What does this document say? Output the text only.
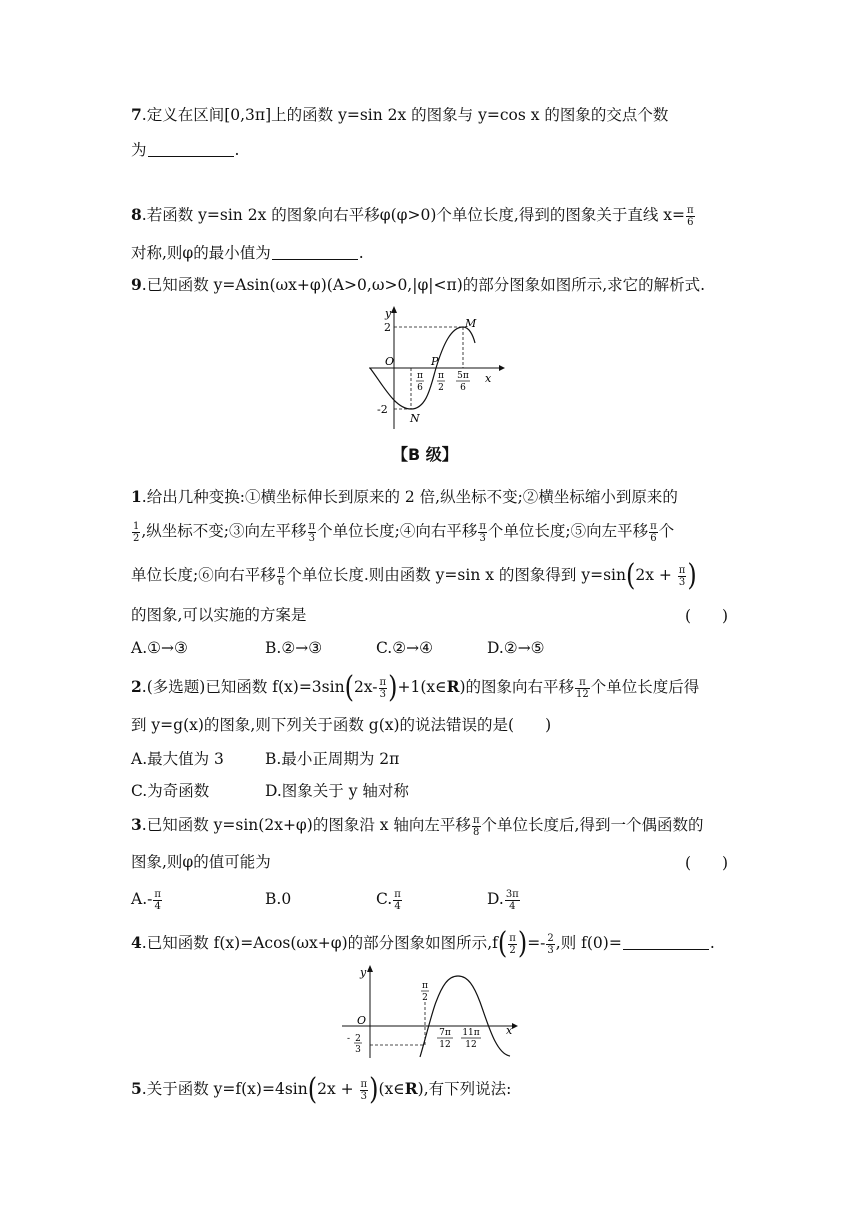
7.定义在区间[0,3π]上的函数 y=sin 2x 的图象与 y=cos x 的图象的交点个数
为	.
8.若函数 y=sin 2x 的图象向右平移φ(φ>0)个单位长度,得到的图象关于直线 $x= \frac{\pi}{6}$
对称,则φ的最小值为	.
9.已知函数 y=Asin(ωx+φ)(A>0,ω>0,|φ|<π)的部分图象如图所示,求它的解析式.
y
x
O
2
-2
M
N
P
π
6
π
2
5π
6
【B 级】
1.给出几种变换:①横坐标伸长到原来的 2 倍,纵坐标不变;②横坐标缩小到原来的
$\frac{1}{2}$ ,纵坐标不变;③向左平移 $\frac{\pi}{3}$ 个单位长度;④向右平移 $\frac{\pi}{3}$ 个单位长度;⑤向左平移 $\frac{\pi}{6}$ 个
单位长度;⑥向右平移 $\frac{\pi}{6}$ 个单位长度.则由函数 y=sin x 的图象得到 $y=\sin(2x + \frac{\pi}{3}$ )
的图象,可以实施的方案是	(　　)
A.①→③	B.②→③	C.②→④	D.②→⑤
2.(多选题)已知函数 $f(x)=3\sin(2x- \frac{\pi}{3}$ )+1(x∈R)的图象向右平移 $\frac{\pi}{12}$ 个单位长度后得
到 y=g(x)的图象,则下列关于函数 g(x)的说法错误的是(　　)
A.最大值为 3	B.最小正周期为 2π
C.为奇函数	D.图象关于 y 轴对称
3.已知函数 y=sin(2x+φ)的图象沿 x 轴向左平移 $\frac{\pi}{8}$ 个单位长度后,得到一个偶函数的
图象,则φ的值可能为	(　　)
$A.- \frac{\pi}{4}$	B.0	C. $\frac{\pi}{4}$	D. $\frac{3\pi}{4}$
4.已知函数 f(x)=Acos(ωx+φ)的部分图象如图所示$,f( \frac{\pi}{2}$ )=- $\frac{2}{3}$ ,则 f(0)=	.
y
x
O
- 2
3
π
2
7π
12
11π
12
5.关于函数 $y=f(x)=4\sin(2x + \frac{\pi}{3}$ )(x∈R),有下列说法:
